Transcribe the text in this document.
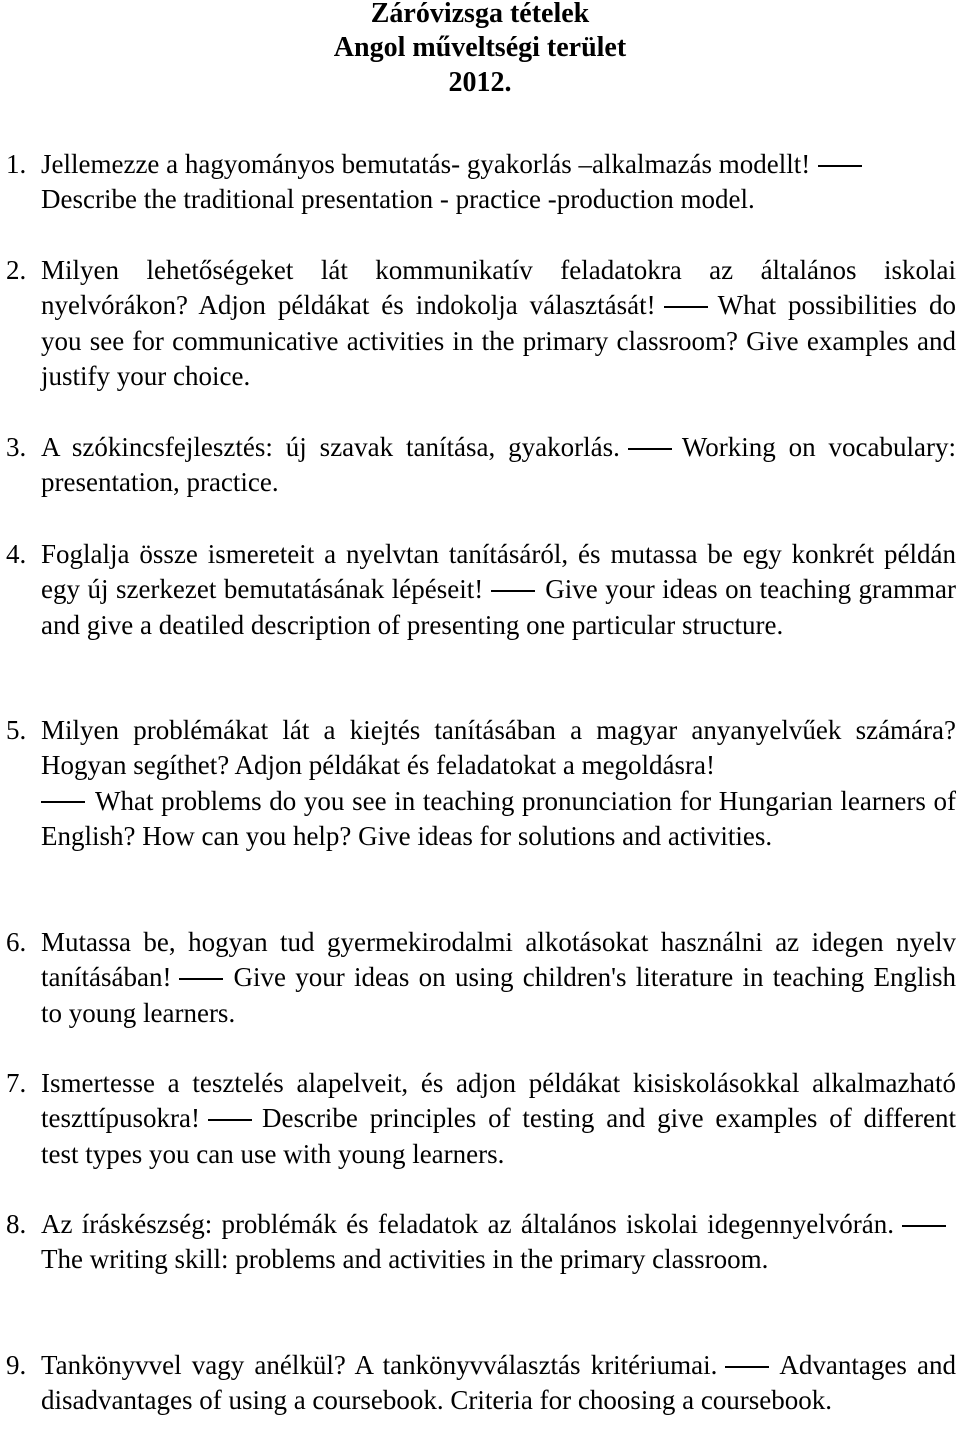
Záróvizsga tételek
Angol műveltségi terület
2012.
1. Jellemezze a hagyományos bemutatás- gyakorlás –alkalmazás modellt!
Describe the traditional presentation - practice -production model.
2. Milyen lehetőségeket lát kommunikatív feladatokra az általános iskolai nyelvórákon? Adjon példákat és indokolja választását! What possibilities do you see for communicative activities in the primary classroom? Give examples and justify your choice.
3. A szókincsfejlesztés: új szavak tanítása, gyakorlás. Working on vocabulary: presentation, practice.
4. Foglalja össze ismereteit a nyelvtan tanításáról, és mutassa be egy konkrét példán egy új szerkezet bemutatásának lépéseit! Give your ideas on teaching grammar and give a deatiled description of presenting one particular structure.
5. Milyen problémákat lát a kiejtés tanításában a magyar anyanyelvűek számára? Hogyan segíthet? Adjon példákat és feladatokat a megoldásra!
What problems do you see in teaching pronunciation for Hungarian learners of English? How can you help? Give ideas for solutions and activities.
6. Mutassa be, hogyan tud gyermekirodalmi alkotásokat használni az idegen nyelv tanításában! Give your ideas on using children's literature in teaching English to young learners.
7. Ismertesse a tesztelés alapelveit, és adjon példákat kisiskolásokkal alkalmazható teszttípusokra! Describe principles of testing and give examples of different test types you can use with young learners.
8. Az íráskészség: problémák és feladatok az általános iskolai idegennyelvórán.The writing skill: problems and activities in the primary classroom.
9. Tankönyvvel vagy anélkül? A tankönyvválasztás kritériumai. Advantages and disadvantages of using a coursebook. Criteria for choosing a coursebook.
